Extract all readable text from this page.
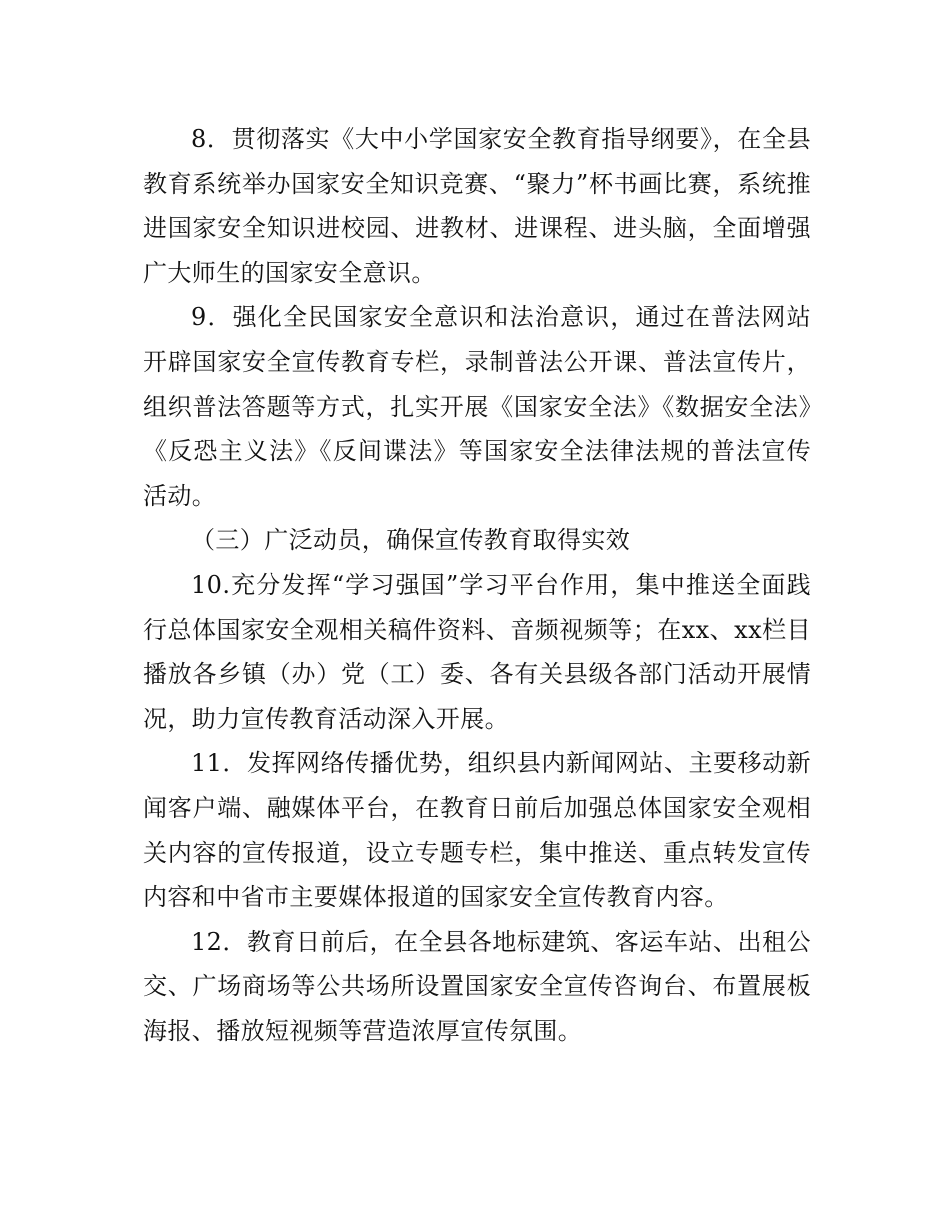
8．贯彻落实《大中小学国家安全教育指导纲要》，在全县教育系统举办国家安全知识竞赛、“聚力”杯书画比赛，系统推进国家安全知识进校园、进教材、进课程、进头脑，全面增强广大师生的国家安全意识。

9．强化全民国家安全意识和法治意识，通过在普法网站开辟国家安全宣传教育专栏，录制普法公开课、普法宣传片，组织普法答题等方式，扎实开展《国家安全法》《数据安全法》《反恐主义法》《反间谍法》等国家安全法律法规的普法宣传活动。

（三）广泛动员，确保宣传教育取得实效

10.充分发挥“学习强国”学习平台作用，集中推送全面践行总体国家安全观相关稿件资料、音频视频等；在xx、xx栏目播放各乡镇（办）党（工）委、各有关县级各部门活动开展情况，助力宣传教育活动深入开展。

11．发挥网络传播优势，组织县内新闻网站、主要移动新闻客户端、融媒体平台，在教育日前后加强总体国家安全观相关内容的宣传报道，设立专题专栏，集中推送、重点转发宣传内容和中省市主要媒体报道的国家安全宣传教育内容。

12．教育日前后，在全县各地标建筑、客运车站、出租公交、广场商场等公共场所设置国家安全宣传咨询台、布置展板海报、播放短视频等营造浓厚宣传氛围。
